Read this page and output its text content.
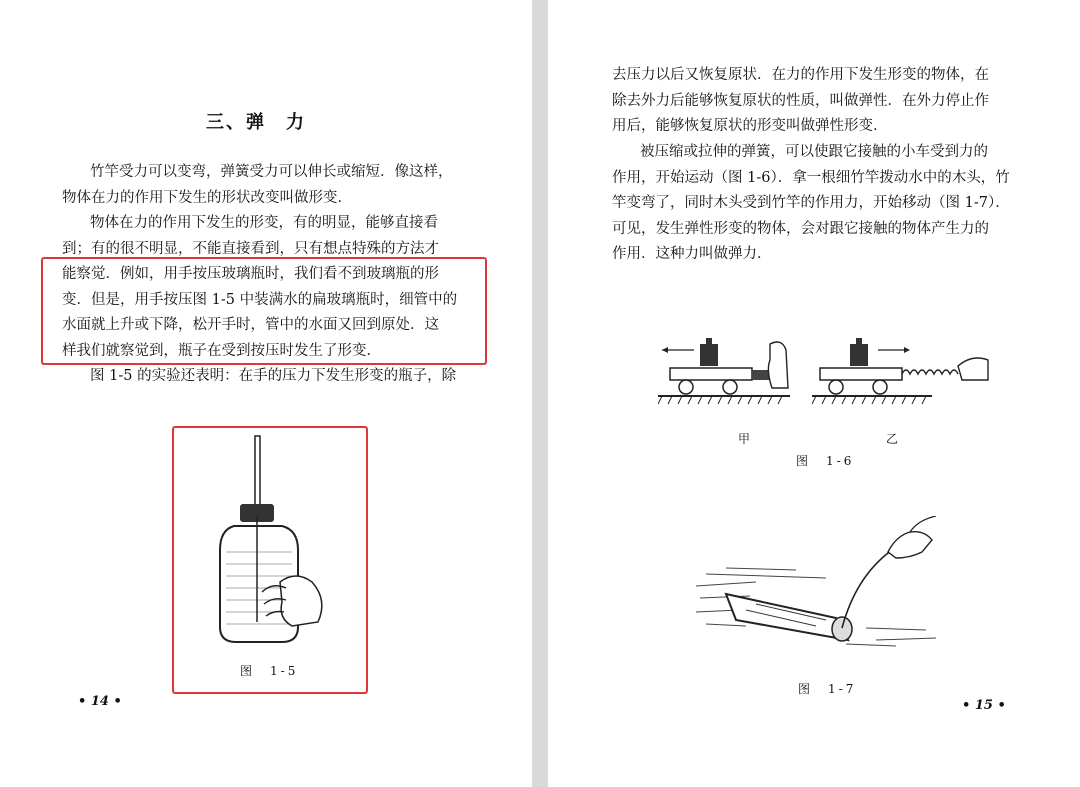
三、弹　力

竹竿受力可以变弯，弹簧受力可以伸长或缩短．像这样，
物体在力的作用下发生的形状改变叫做形变．

物体在力的作用下发生的形变，有的明显，能够直接看
到；有的很不明显，不能直接看到，只有想点特殊的方法才

能察觉．例如，用手按压玻璃瓶时，我们看不到玻璃瓶的形
变．但是，用手按压图 1-5 中装满水的扁玻璃瓶时，细管中的
水面就上升或下降，松开手时，管中的水面又回到原处．这
样我们就察觉到，瓶子在受到按压时发生了形变．

图 1-5 的实验还表明：在手的压力下发生形变的瓶子，除

图　1-5
• 14 •

去压力以后又恢复原状．在力的作用下发生形变的物体，在
除去外力后能够恢复原状的性质，叫做弹性．在外力停止作
用后，能够恢复原状的形变叫做弹性形变．

被压缩或拉伸的弹簧，可以使跟它接触的小车受到力的
作用，开始运动（图 1-6）．拿一根细竹竿拨动水中的木头，竹
竿变弯了，同时木头受到竹竿的作用力，开始移动（图 1-7）．
可见，发生弹性形变的物体，会对跟它接触的物体产生力的
作用．这种力叫做弹力．

甲	乙
图　1-6
图　1-7
• 15 •
